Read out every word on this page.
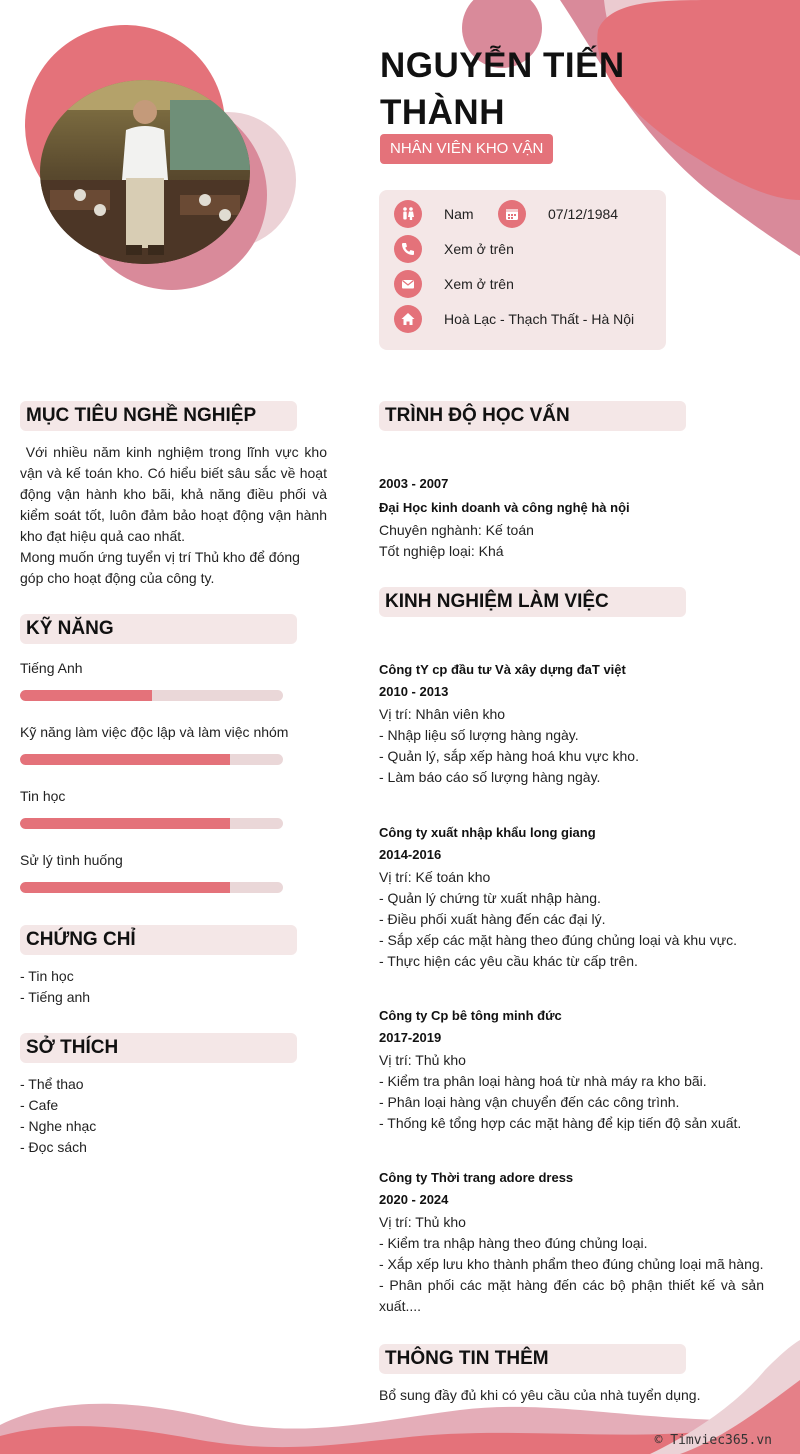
NGUYỄN TIẾN THÀNH
NHÂN VIÊN KHO VẬN
Nam	07/12/1984
Xem ở trên
Xem ở trên
Hoà Lạc - Thạch Thất - Hà Nội
MỤC TIÊU NGHỀ NGHIỆP
Với nhiều năm kinh nghiệm trong lĩnh vực kho vận và kế toán kho. Có hiểu biết sâu sắc về hoạt động vận hành kho bãi, khả năng điều phối và kiểm soát tốt, luôn đảm bảo hoạt động vận hành kho đạt hiệu quả cao nhất.
Mong muốn ứng tuyển vị trí Thủ kho để đóng góp cho hoạt động của công ty.
KỸ NĂNG
Tiếng Anh
Kỹ năng làm việc độc lập và làm việc nhóm
Tin học
Sử lý tình huống
CHỨNG CHỈ
- Tin học
- Tiếng anh
SỞ THÍCH
- Thể thao
- Cafe
- Nghe nhạc
- Đọc sách
TRÌNH ĐỘ HỌC VẤN
2003 - 2007
Đại Học kinh doanh và công nghệ hà nội
Chuyên nghành: Kế toán
Tốt nghiệp loại: Khá
KINH NGHIỆM LÀM VIỆC
Công tY cp đầu tư Và xây dựng đaT việt
2010 - 2013
Vị trí: Nhân viên kho
- Nhập liệu số lượng hàng ngày.
- Quản lý, sắp xếp hàng hoá khu vực kho.
- Làm báo cáo số lượng hàng ngày.
Công ty xuất nhập khẩu long giang
2014-2016
Vị trí: Kế toán kho
- Quản lý chứng từ xuất nhập hàng.
- Điều phối xuất hàng đến các đại lý.
- Sắp xếp các mặt hàng theo đúng chủng loại và khu vực.
- Thực hiện các yêu cầu khác từ cấp trên.
Công ty Cp bê tông minh đức
2017-2019
Vị trí: Thủ kho
- Kiểm tra phân loại hàng hoá từ nhà máy ra kho bãi.
- Phân loại hàng vận chuyển đến các công trình.
- Thống kê tổng hợp các mặt hàng để kịp tiến độ sản xuất.
Công ty Thời trang adore dress
2020 - 2024
Vị trí: Thủ kho
- Kiểm tra nhập hàng theo đúng chủng loại.
- Xắp xếp lưu kho thành phẩm theo đúng chủng loại mã hàng.
- Phân phối các mặt hàng đến các bộ phận thiết kế và sản xuất....
THÔNG TIN THÊM
Bổ sung đầy đủ khi có yêu cầu của nhà tuyển dụng.
© Timviec365.vn
